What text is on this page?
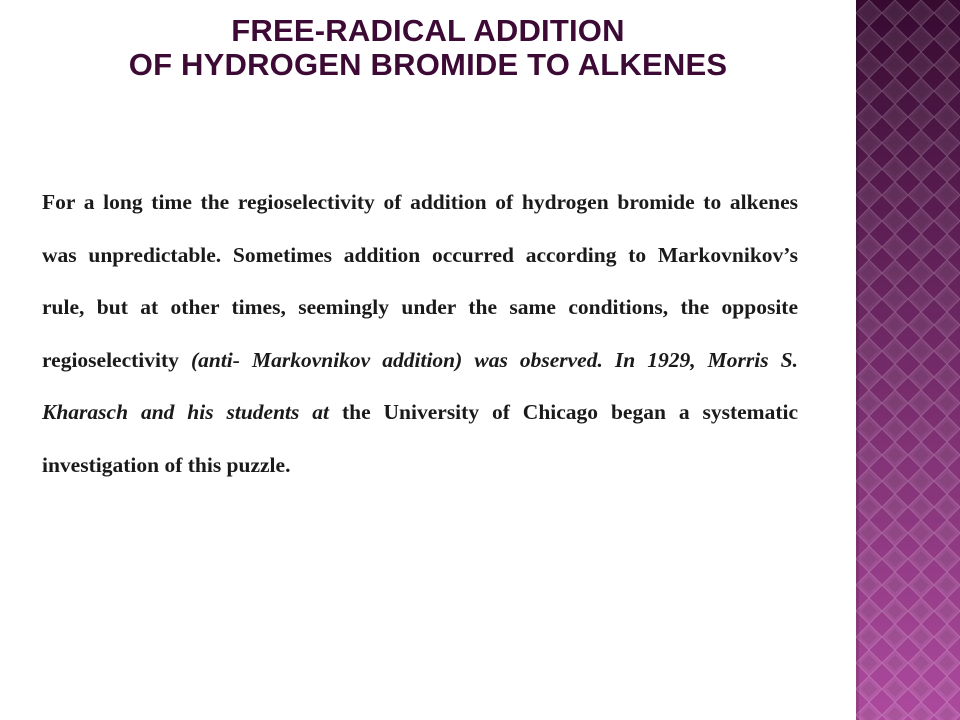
FREE-RADICAL ADDITION
OF HYDROGEN BROMIDE TO ALKENES

For a long time the regioselectivity of addition of hydrogen bromide to alkenes was unpredictable. Sometimes addition occurred according to Markovnikov’s rule, but at other times, seemingly under the same conditions, the opposite regioselectivity (anti- Markovnikov addition) was observed. In 1929, Morris S. Kharasch and his students at the University of Chicago began a systematic investigation of this puzzle.
